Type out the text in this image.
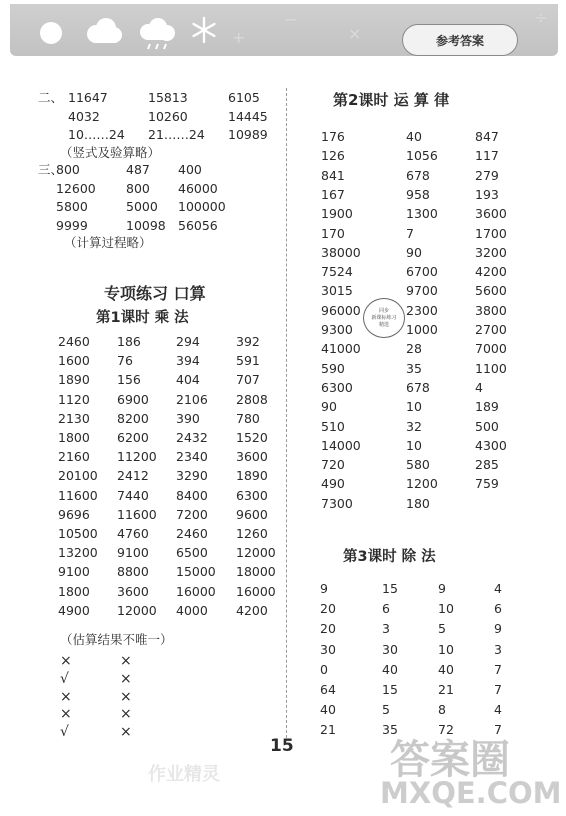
−
+	×
÷
参考答案
二、 11647	15813	6105
4032	10260	14445
10……24 21……24 10989
（竖式及验算略）
三、
800	487 400
12600 800 46000
5800	5000 100000
9999	10098 56056
（计算过程略）
专项练习 口算
第1课时 乘 法
2460 186	294	392
1600 76	394	591
1890 156	404	707
1120 6900 2106 2808
2130 8200 390	780
1800 6200 2432 1520
2160 11200 2340 3600
20100 2412 3290 1890
11600 7440 8400 6300
9696 11600 7200 9600
10500 4760 2460 1260
13200 9100 6500 12000
9100 8800 15000 18000
1800 3600 16000 16000
4900 12000 4000 4200
（估算结果不唯一）
×	×
√	×
×	×
×	×
√	×
第2课时 运 算 律
176	40	847
126	1056	117
841	678	279
167	958	193
1900	1300	3600
170	7	1700
38000	90	3200
7524	6700	4200
3015	9700	5600
96000	2300	3800
9300	1000	2700
41000	28	7000
590	35	1100
6300	678	4
90	10	189
510	32	500
14000	10	4300
720	580	285
490	1200	759
7300	180
第3课时 除 法
9	15	9	4
20	6	10	6
20	3	5	9
30	30	10	3
0	40	40	7
64	15	21	7
40	5	8	4
21	35	72	7
同步
新课标练习
精选
15 答案圈
MXQE.COM
作业精灵
